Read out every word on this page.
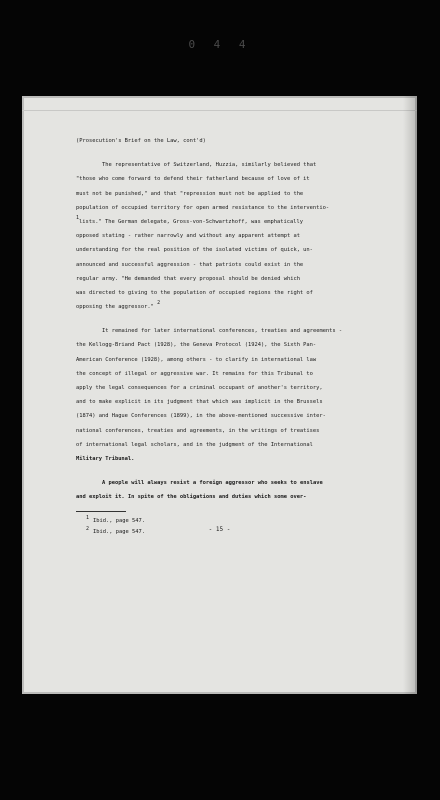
0 4 4
(Prosecution's Brief on the Law, cont'd)
The representative of Switzerland, Huzzia, similarly believed that
"those who come forward to defend their fatherland because of love of it
must not be punished," and that "repression must not be applied to the
population of occupied territory for open armed resistance to the interventio-
1lists." The German delegate, Gross-von-Schwartzhoff, was emphatically
opposed stating - rather narrowly and without any apparent attempt at
understanding for the real position of the isolated victims of quick, un-
announced and successful aggression - that patriots could exist in the
regular army. "He demanded that every proposal should be denied which
was directed to giving to the population of occupied regions the right of
opposing the aggressor." 2
It remained for later international conferences, treaties and agreements -
the Kellogg-Briand Pact (1928), the Geneva Protocol (1924), the Sixth Pan-
American Conference (1928), among others - to clarify in international law
the concept of illegal or aggressive war. It remains for this Tribunal to
apply the legal consequences for a criminal occupant of another's territory,
and to make explicit in its judgment that which was implicit in the Brussels
(1874) and Hague Conferences (1899), in the above-mentioned successive inter-
national conferences, treaties and agreements, in the writings of treatises
of international legal scholars, and in the judgment of the International
Military Tribunal.
A people will always resist a foreign aggressor who seeks to enslave
and exploit it. In spite of the obligations and duties which some over-
1 Ibid., page 547.
2 Ibid., page 547.	- 15 -
